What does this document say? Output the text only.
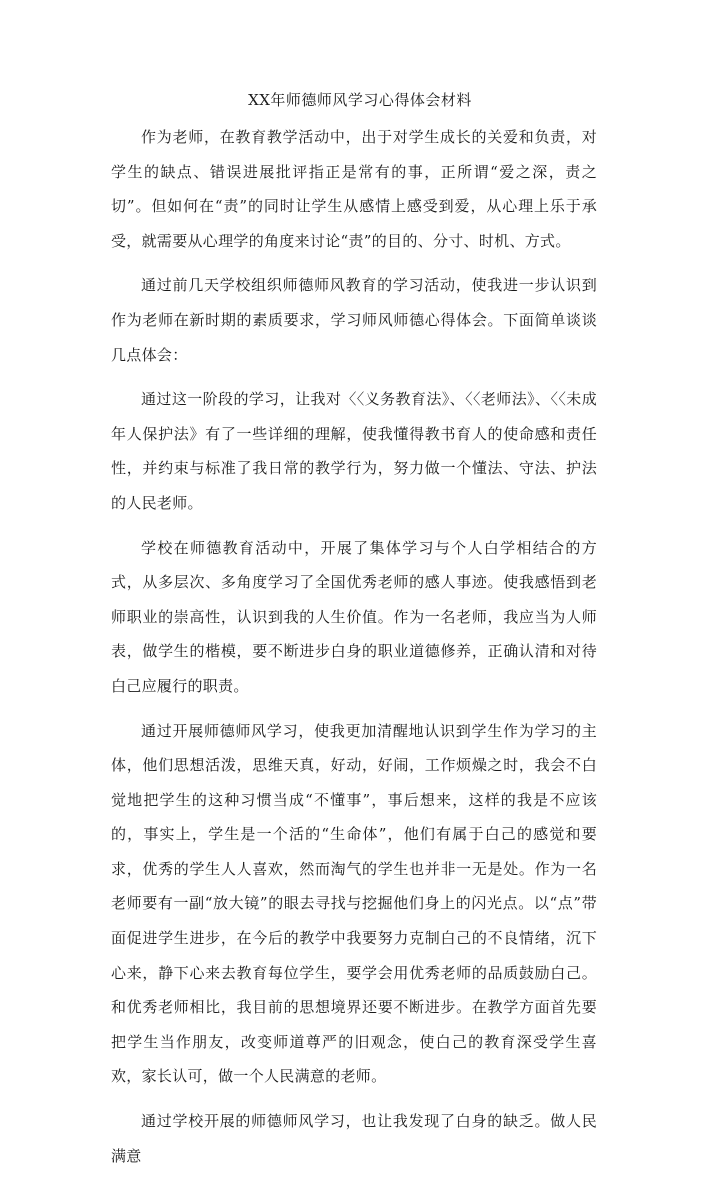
XX年师德师风学习心得体会材料

作为老师，在教育教学活动中，出于对学生成长的关爱和负责，对学生的缺点、错误进展批评指正是常有的事，正所谓“爱之深，责之切”。但如何在“责”的同时让学生从感情上感受到爱，从心理上乐于承受，就需要从心理学的角度来讨论“责”的目的、分寸、时机、方式。

通过前几天学校组织师德师风教育的学习活动，使我进一步认识到作为老师在新时期的素质要求，学习师风师德心得体会。下面简单谈谈几点体会：

通过这一阶段的学习，让我对〈〈义务教育法》、〈〈老师法》、〈〈未成年人保护法》有了一些详细的理解，使我懂得教书育人的使命感和责任性，并约束与标准了我日常的教学行为，努力做一个懂法、守法、护法的人民老师。

学校在师德教育活动中，开展了集体学习与个人白学相结合的方式，从多层次、多角度学习了全国优秀老师的感人事迹。使我感悟到老师职业的崇高性，认识到我的人生价值。作为一名老师，我应当为人师表，做学生的楷模，要不断进步白身的职业道德修养，正确认清和对待白己应履行的职责。

通过开展师德师风学习，使我更加清醒地认识到学生作为学习的主体，他们思想活泼，思维天真，好动，好闹，工作烦燥之时，我会不白觉地把学生的这种习惯当成“不懂事”，事后想来，这样的我是不应该的，事实上，学生是一个活的“生命体”，他们有属于白己的感觉和要求，优秀的学生人人喜欢，然而淘气的学生也并非一无是处。作为一名老师要有一副“放大镜”的眼去寻找与挖掘他们身上的闪光点。以“点”带面促进学生进步，在今后的教学中我要努力克制白己的不良情绪，沉下心来，静下心来去教育每位学生，要学会用优秀老师的品质鼓励白己。和优秀老师相比，我目前的思想境界还要不断进步。在教学方面首先要把学生当作朋友，改变师道尊严的旧观念，使白己的教育深受学生喜欢，家长认可，做一个人民满意的老师。

通过学校开展的师德师风学习，也让我发现了白身的缺乏。做人民满意
